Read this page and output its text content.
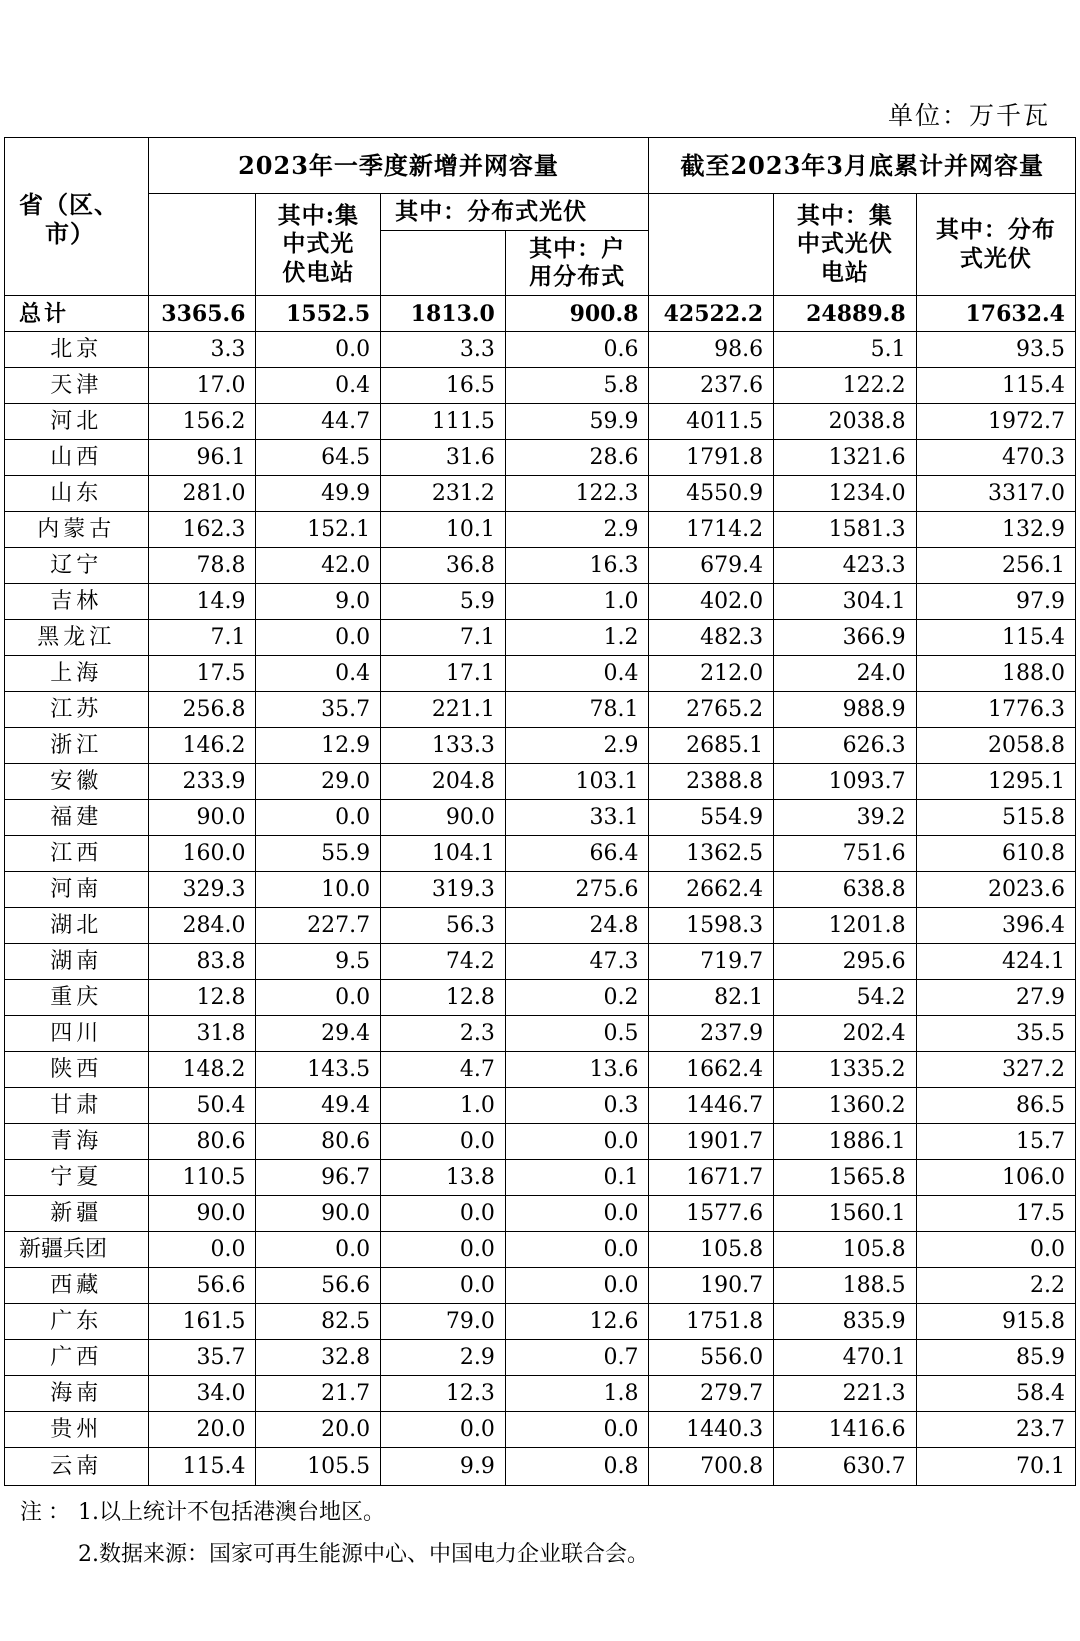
单位：万千瓦
省（区、
市）	2023年一季度新增并网容量				截至2023年3月底累计并网容量		
		其中:集中式光伏电站	其中：分布式光伏			其中：集中式光伏电站	其中：分布式光伏
				其中：户用分布式			
总计	3365.6	1552.5	1813.0	900.8	42522.2	24889.8	17632.4
北京	3.3	0.0	3.3	0.6	98.6	5.1	93.5
天津	17.0	0.4	16.5	5.8	237.6	122.2	115.4
河北	156.2	44.7	111.5	59.9	4011.5	2038.8	1972.7
山西	96.1	64.5	31.6	28.6	1791.8	1321.6	470.3
山东	281.0	49.9	231.2	122.3	4550.9	1234.0	3317.0
内蒙古	162.3	152.1	10.1	2.9	1714.2	1581.3	132.9
辽宁	78.8	42.0	36.8	16.3	679.4	423.3	256.1
吉林	14.9	9.0	5.9	1.0	402.0	304.1	97.9
黑龙江	7.1	0.0	7.1	1.2	482.3	366.9	115.4
上海	17.5	0.4	17.1	0.4	212.0	24.0	188.0
江苏	256.8	35.7	221.1	78.1	2765.2	988.9	1776.3
浙江	146.2	12.9	133.3	2.9	2685.1	626.3	2058.8
安徽	233.9	29.0	204.8	103.1	2388.8	1093.7	1295.1
福建	90.0	0.0	90.0	33.1	554.9	39.2	515.8
江西	160.0	55.9	104.1	66.4	1362.5	751.6	610.8
河南	329.3	10.0	319.3	275.6	2662.4	638.8	2023.6
湖北	284.0	227.7	56.3	24.8	1598.3	1201.8	396.4
湖南	83.8	9.5	74.2	47.3	719.7	295.6	424.1
重庆	12.8	0.0	12.8	0.2	82.1	54.2	27.9
四川	31.8	29.4	2.3	0.5	237.9	202.4	35.5
陕西	148.2	143.5	4.7	13.6	1662.4	1335.2	327.2
甘肃	50.4	49.4	1.0	0.3	1446.7	1360.2	86.5
青海	80.6	80.6	0.0	0.0	1901.7	1886.1	15.7
宁夏	110.5	96.7	13.8	0.1	1671.7	1565.8	106.0
新疆	90.0	90.0	0.0	0.0	1577.6	1560.1	17.5
新疆兵团	0.0	0.0	0.0	0.0	105.8	105.8	0.0
西藏	56.6	56.6	0.0	0.0	190.7	188.5	2.2
广东	161.5	82.5	79.0	12.6	1751.8	835.9	915.8
广西	35.7	32.8	2.9	0.7	556.0	470.1	85.9
海南	34.0	21.7	12.3	1.8	279.7	221.3	58.4
贵州	20.0	20.0	0.0	0.0	1440.3	1416.6	23.7
云南	115.4	105.5	9.9	0.8	700.8	630.7	70.1
注：1.以上统计不包括港澳台地区。
2.数据来源：国家可再生能源中心、中国电力企业联合会。
